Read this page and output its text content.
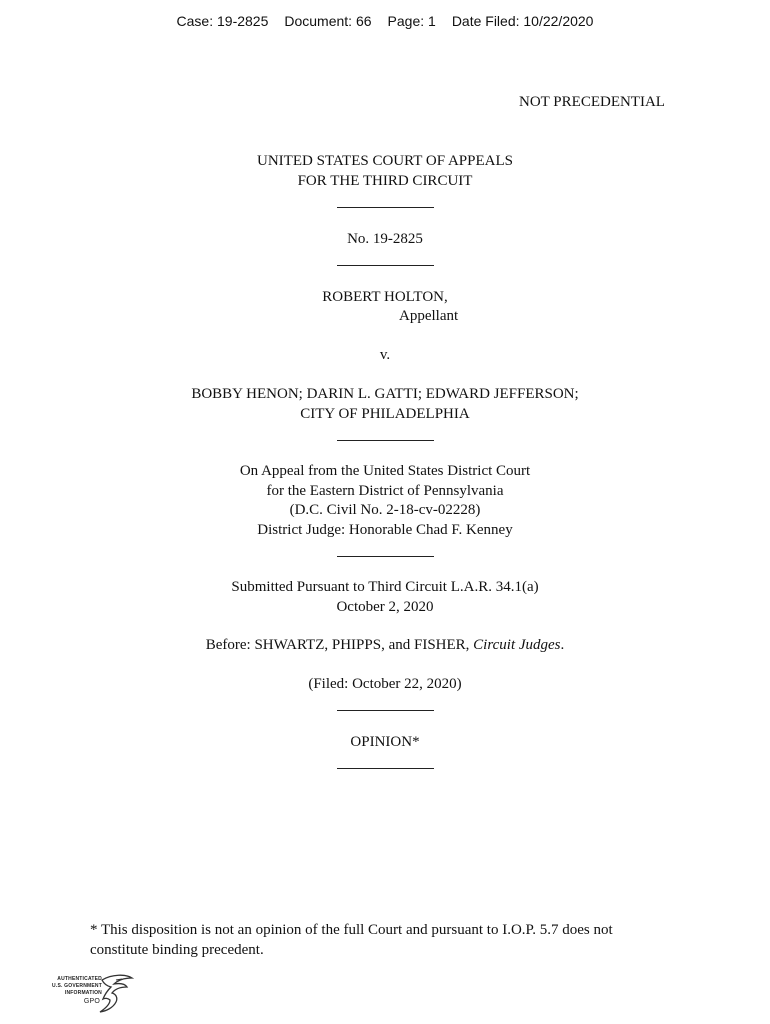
Case: 19-2825 Document: 66 Page: 1 Date Filed: 10/22/2020
NOT PRECEDENTIAL
UNITED STATES COURT OF APPEALS
FOR THE THIRD CIRCUIT
No. 19-2825
ROBERT HOLTON,
Appellant
v.
BOBBY HENON; DARIN L. GATTI; EDWARD JEFFERSON;
CITY OF PHILADELPHIA
On Appeal from the United States District Court
for the Eastern District of Pennsylvania
(D.C. Civil No. 2-18-cv-02228)
District Judge: Honorable Chad F. Kenney
Submitted Pursuant to Third Circuit L.A.R. 34.1(a)
October 2, 2020
Before: SHWARTZ, PHIPPS, and FISHER, Circuit Judges.
(Filed: October 22, 2020)
OPINION*
* This disposition is not an opinion of the full Court and pursuant to I.O.P. 5.7 does not
constitute binding precedent.
AUTHENTICATED
U.S. GOVERNMENT
INFORMATION
GPO
